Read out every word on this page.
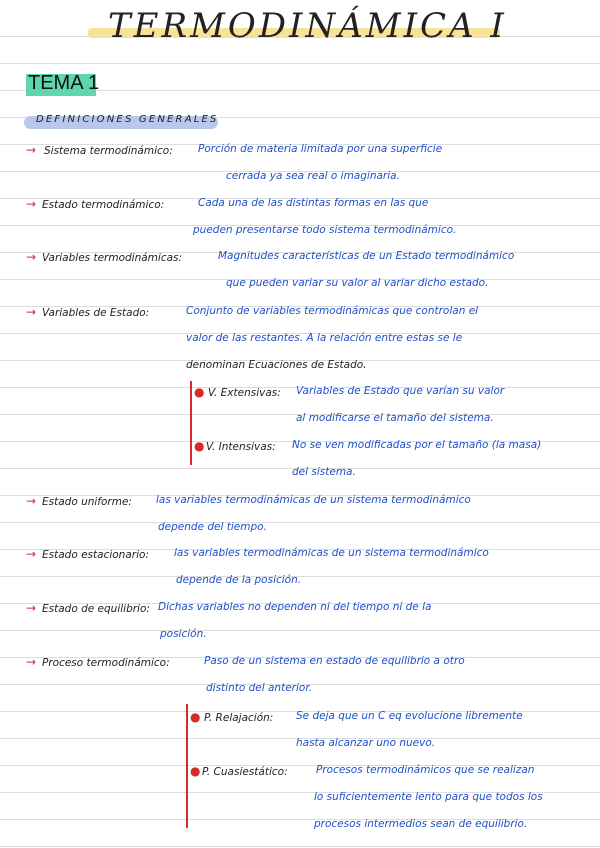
TERMODINÁMICA I
TEMA 1
DEFINICIONES GENERALES
→ Sistema termodinámico: Porción de materia limitada por una superficie
cerrada ya sea real o imaginaria.
→ Estado termodinámico:	Cada una de las distintas formas en las que
pueden presentarse todo sistema termodinámico.
→ Variables termodinámicas:	Magnitudes características de un Estado termodinámico
que pueden variar su valor al variar dicho estado.
→ Variables de Estado:	Conjunto de variables termodinámicas que controlan el
valor de las restantes. A la relación entre estas se le
denominan Ecuaciones de Estado.
● V. Extensivas: Variables de Estado que varían su valor
al modificarse el tamaño del sistema.
● V. Intensivas: No se ven modificadas por el tamaño (la masa)
del sistema.
→ Estado uniforme: las variables termodinámicas de un sistema termodinámico
depende del tiempo.
→ Estado estacionario: las variables termodinámicas de un sistema termodinámico
depende de la posición.
→ Estado de equilibrio: Dichas variables no dependen ni del tiempo ni de la
posición.
→ Proceso termodinámico:	Paso de un sistema en estado de equilibrio a otro
distinto del anterior.
● P. Relajación: Se deja que un C eq evolucione libremente
hasta alcanzar uno nuevo.
● P. Cuasiestático:	Procesos termodinámicos que se realizan
lo suficientemente lento para que todos los
procesos intermedios sean de equilibrio.
